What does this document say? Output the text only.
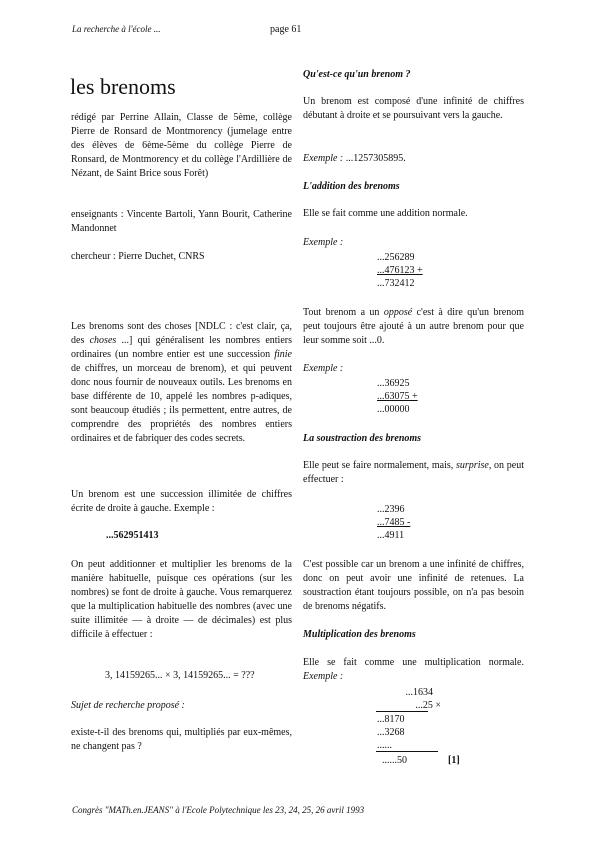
La recherche à l'école ...	page 61
les brenoms
rédigé par Perrine Allain, Classe de 5ème, collège Pierre de Ronsard de Montmorency (jumelage entre des élèves de 6ème-5ème du collège Pierre de Ronsard, de Montmorency et du collège l'Ardillière de Nézant, de Saint Brice sous Forêt)
enseignants : Vincente Bartoli, Yann Bourit, Catherine Mandonnet
chercheur : Pierre Duchet, CNRS
Les brenoms sont des choses [NDLC : c'est clair, ça, des choses ...] qui généralisent les nombres entiers ordinaires (un nombre entier est une succession finie de chiffres, un morceau de brenom), et qui peuvent donc nous fournir de nouveaux outils. Les brenoms en base différente de 10, appelé les nombres p-adiques, sont beaucoup étudiés ; ils permettent, entre autres, de comprendre des propriétés des nombres entiers ordinaires et de fabriquer des codes secrets.
Un brenom est une succession illimitée de chiffres écrite de droite à gauche. Exemple :
...562951413
On peut additionner et multiplier les brenoms de la manière habituelle, puisque ces opérations (sur les nombres) se font de droite à gauche. Vous remarquerez que la multiplication habituelle des nombres (avec une suite illimitée — à droite — de décimales) est plus difficile à effectuer :
3, 14159265... × 3, 14159265... = ???
Sujet de recherche proposé :
existe-t-il des brenoms qui, multipliés par eux-mêmes, ne changent pas ?
Qu'est-ce qu'un brenom ?
Un brenom est composé d'une infinité de chiffres débutant à droite et se poursuivant vers la gauche.
Exemple : ...1257305895.
L'addition des brenoms
Elle se fait comme une addition normale.
Exemple :
...256289
...476123 +
...732412
Tout brenom a un opposé c'est à dire qu'un brenom peut toujours être ajouté à un autre brenom pour que leur somme soit ...0.
Exemple :
...36925
...63075 +
...00000
La soustraction des brenoms
Elle peut se faire normalement, mais, surprise, on peut effectuer :
...2396
...7485 -
...4911
C'est possible car un brenom a une infinité de chiffres, donc on peut avoir une infinité de retenues. La soustraction étant toujours possible, on n'a pas besoin de brenoms négatifs.
Multiplication des brenoms
Elle se fait comme une multiplication normale. Exemple :
...1634
...25 ×
...8170
...3268
......
......50	[1]
Congrès "MATh.en.JEANS" à l'Ecole Polytechnique les 23, 24, 25, 26 avril 1993
